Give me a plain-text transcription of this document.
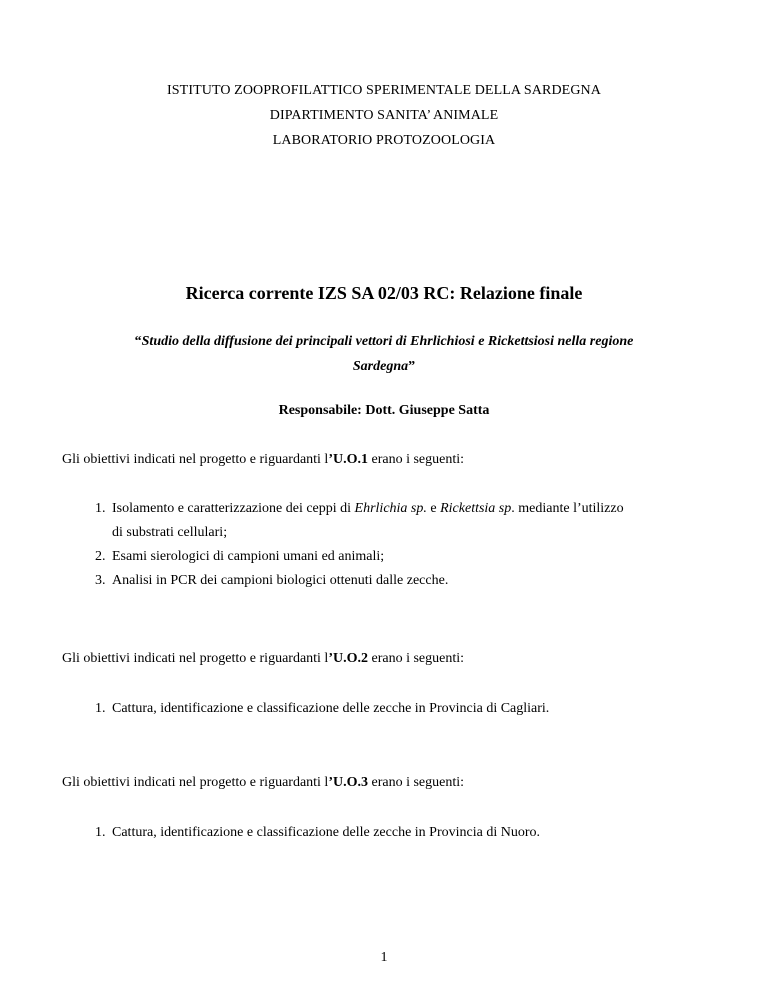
ISTITUTO ZOOPROFILATTICO SPERIMENTALE DELLA SARDEGNA
DIPARTIMENTO SANITA’ ANIMALE
LABORATORIO PROTOZOOLOGIA
Ricerca corrente IZS SA 02/03 RC: Relazione finale
“Studio della diffusione dei principali vettori di Ehrlichiosi e Rickettsiosi nella regione
Sardegna”
Responsabile: Dott. Giuseppe Satta
Gli obiettivi indicati nel progetto e riguardanti l’U.O.1 erano i seguenti:
1. Isolamento e caratterizzazione dei ceppi di Ehrlichia sp. e Rickettsia sp. mediante l’utilizzo
di substrati cellulari;
2. Esami sierologici di campioni umani ed animali;
3. Analisi in PCR dei campioni biologici ottenuti dalle zecche.
Gli obiettivi indicati nel progetto e riguardanti l’U.O.2 erano i seguenti:
1. Cattura, identificazione e classificazione delle zecche in Provincia di Cagliari.
Gli obiettivi indicati nel progetto e riguardanti l’U.O.3 erano i seguenti:
1. Cattura, identificazione e classificazione delle zecche in Provincia di Nuoro.
1
